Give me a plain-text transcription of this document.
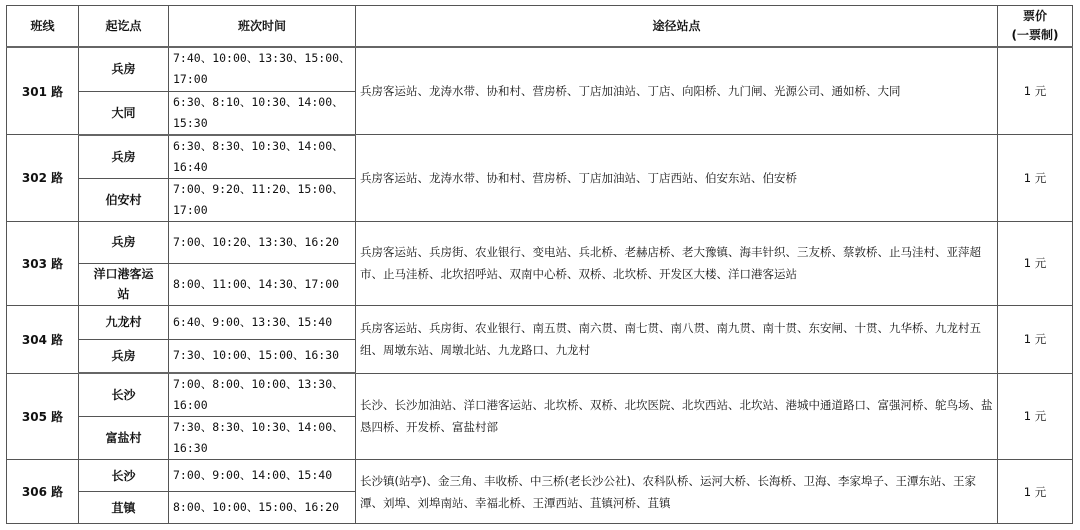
班线	起讫点	班次时间	途径站点	票价
(一票制)
301 路	兵房	7:40、10:00、13:30、15:00、17:00	兵房客运站、龙涛水带、协和村、营房桥、丁店加油站、丁店、向阳桥、九门闸、光源公司、通如桥、大同	1 元
	大同	6:30、8:10、10:30、14:00、15:30		
302 路	兵房	6:30、8:30、10:30、14:00、16:40	兵房客运站、龙涛水带、协和村、营房桥、丁店加油站、丁店西站、伯安东站、伯安桥	1 元
	伯安村	7:00、9:20、11:20、15:00、17:00		
303 路	兵房	7:00、10:20、13:30、16:20	兵房客运站、兵房街、农业银行、变电站、兵北桥、老赫店桥、老大豫镇、海丰针织、三友桥、蔡敦桥、止马洼村、亚萍超市、止马洼桥、北坎招呼站、双南中心桥、双桥、北坎桥、开发区大楼、洋口港客运站	1 元
	洋口港客运站	8:00、11:00、14:30、17:00		
304 路	九龙村	6:40、9:00、13:30、15:40	兵房客运站、兵房街、农业银行、南五贯、南六贯、南七贯、南八贯、南九贯、南十贯、东安闸、十贯、九华桥、九龙村五组、周墩东站、周墩北站、九龙路口、九龙村	1 元
	兵房	7:30、10:00、15:00、16:30		
305 路	长沙	7:00、8:00、10:00、13:30、16:00	长沙、长沙加油站、洋口港客运站、北坎桥、双桥、北坎医院、北坎西站、北坎站、港城中通道路口、富强河桥、鸵鸟场、盐恳四桥、开发桥、富盐村部	1 元
	富盐村	7:30、8:30、10:30、14:00、16:30		
306 路	长沙	7:00、9:00、14:00、15:40	长沙镇(站亭)、金三角、丰收桥、中三桥(老长沙公社)、农科队桥、运河大桥、长海桥、卫海、李家埠子、王潭东站、王家潭、刘埠、刘埠南站、幸福北桥、王潭西站、苴镇河桥、苴镇	1 元
	苴镇	8:00、10:00、15:00、16:20		
